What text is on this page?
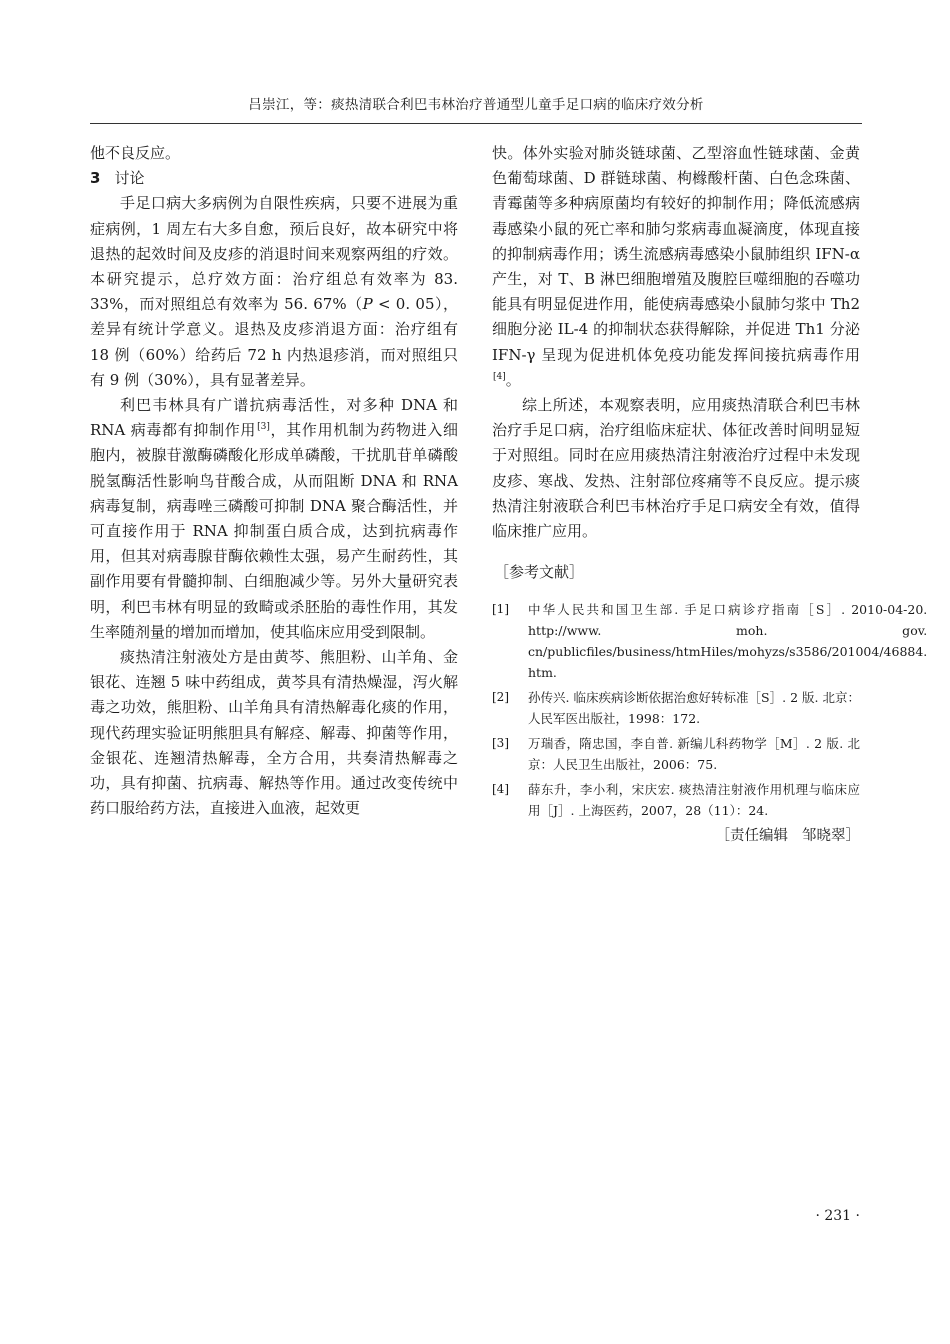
吕崇江，等：痰热清联合利巴韦林治疗普通型儿童手足口病的临床疗效分析

他不良反应。

3 讨论

手足口病大多病例为自限性疾病，只要不进展为重症病例，1 周左右大多自愈，预后良好，故本研究中将退热的起效时间及皮疹的消退时间来观察两组的疗效。本研究提示，总疗效方面：治疗组总有效率为 83. 33%，而对照组总有效率为 56. 67%（P < 0. 05），差异有统计学意义。退热及皮疹消退方面：治疗组有 18 例（60%）给药后 72 h 内热退疹消，而对照组只有 9 例（30%），具有显著差异。

利巴韦林具有广谱抗病毒活性，对多种 DNA 和 RNA 病毒都有抑制作用[3]，其作用机制为药物进入细胞内，被腺苷激酶磷酸化形成单磷酸，干扰肌苷单磷酸脱氢酶活性影响鸟苷酸合成，从而阻断 DNA 和 RNA 病毒复制，病毒唑三磷酸可抑制 DNA 聚合酶活性，并可直接作用于 RNA 抑制蛋白质合成，达到抗病毒作用，但其对病毒腺苷酶依赖性太强，易产生耐药性，其副作用要有骨髓抑制、白细胞减少等。另外大量研究表明，利巴韦林有明显的致畸或杀胚胎的毒性作用，其发生率随剂量的增加而增加，使其临床应用受到限制。

痰热清注射液处方是由黄芩、熊胆粉、山羊角、金银花、连翘 5 味中药组成，黄芩具有清热燥湿，泻火解毒之功效，熊胆粉、山羊角具有清热解毒化痰的作用，现代药理实验证明熊胆具有解痉、解毒、抑菌等作用，金银花、连翘清热解毒，全方合用，共奏清热解毒之功，具有抑菌、抗病毒、解热等作用。通过改变传统中药口服给药方法，直接进入血液，起效更

快。体外实验对肺炎链球菌、乙型溶血性链球菌、金黄色葡萄球菌、D 群链球菌、枸橼酸杆菌、白色念珠菌、青霉菌等多种病原菌均有较好的抑制作用；降低流感病毒感染小鼠的死亡率和肺匀浆病毒血凝滴度，体现直接的抑制病毒作用；诱生流感病毒感染小鼠肺组织 IFN-α 产生，对 T、B 淋巴细胞增殖及腹腔巨噬细胞的吞噬功能具有明显促进作用，能使病毒感染小鼠肺匀浆中 Th2 细胞分泌 IL-4 的抑制状态获得解除，并促进 Th1 分泌 IFN-γ 呈现为促进机体免疫功能发挥间接抗病毒作用[4]。

综上所述，本观察表明，应用痰热清联合利巴韦林治疗手足口病，治疗组临床症状、体征改善时间明显短于对照组。同时在应用痰热清注射液治疗过程中未发现皮疹、寒战、发热、注射部位疼痛等不良反应。提示痰热清注射液联合利巴韦林治疗手足口病安全有效，值得临床推广应用。

［参考文献］
[1]	中华人民共和国卫生部. 手足口病诊疗指南［S］. 2010-04-20. http://www. moh. gov. cn/publicfiles/business/htmHiles/mohyzs/s3586/201004/46884. htm.
[2]	孙传兴. 临床疾病诊断依据治愈好转标准［S］. 2 版. 北京：人民军医出版社，1998：172.
[3]	万瑞香，隋忠国，李自普. 新编儿科药物学［M］. 2 版. 北京：人民卫生出版社，2006：75.
[4]	薛东升，李小利，宋庆宏. 痰热清注射液作用机理与临床应用［J］. 上海医药，2007，28（11）：24.
［责任编辑 邹晓翠］
· 231 ·
